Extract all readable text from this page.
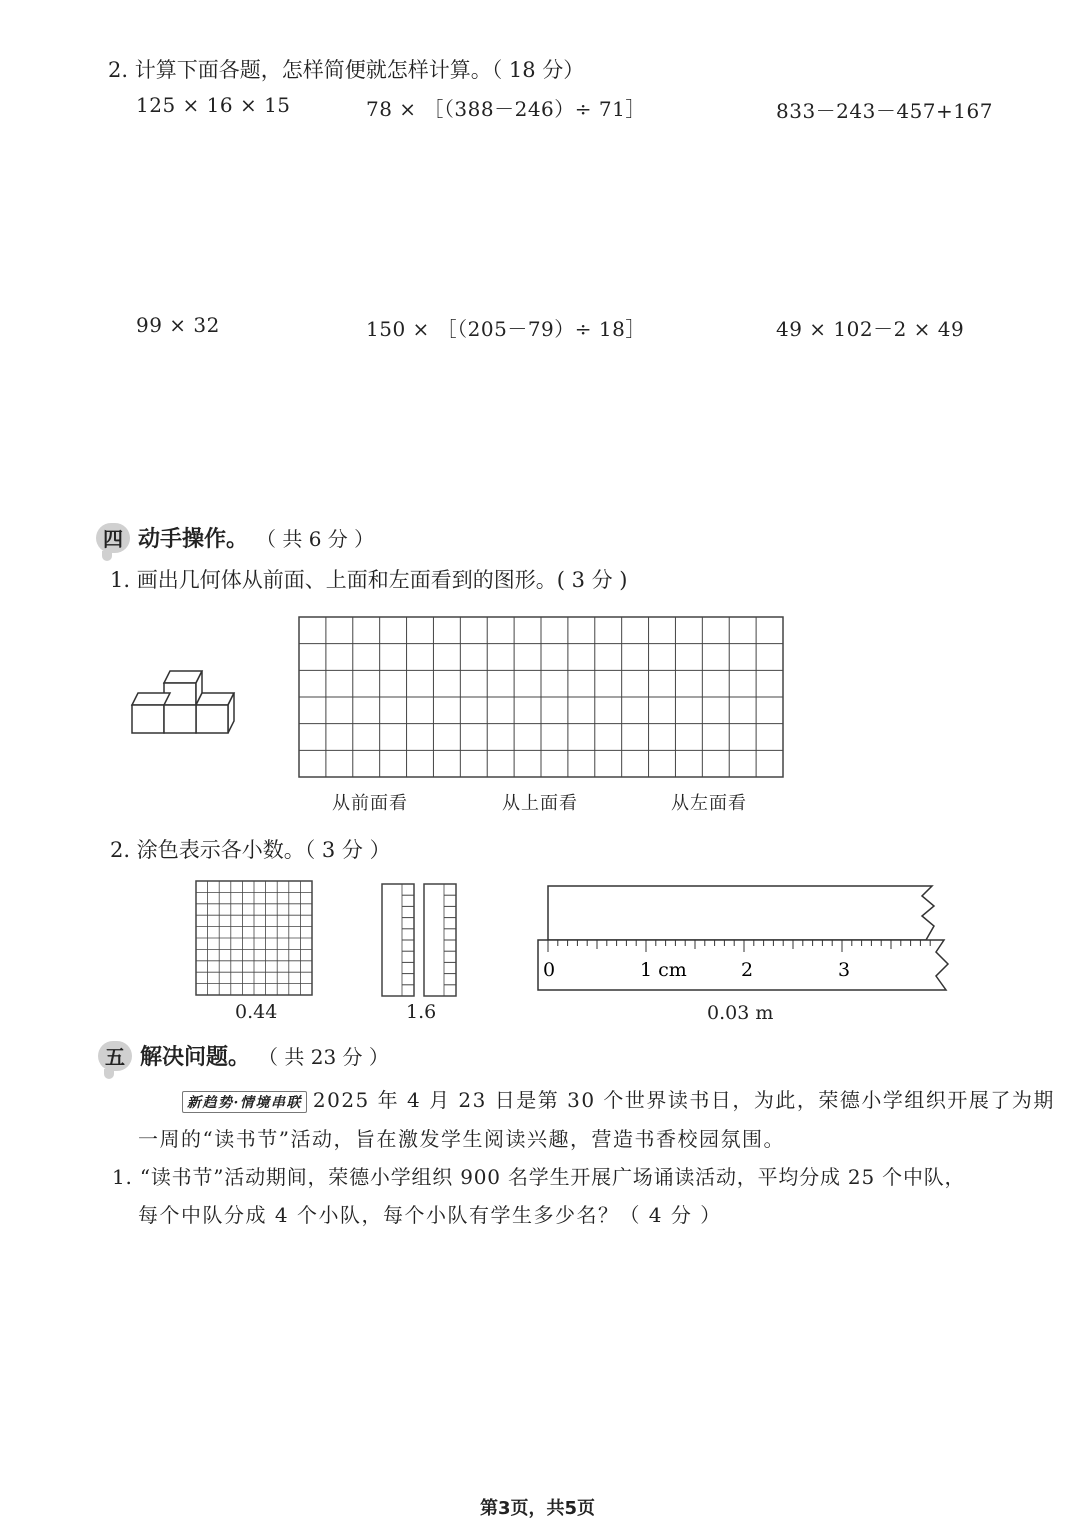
2. 计算下面各题，怎样简便就怎样计算。（ 18 分）
125 × 16 × 15	78 × ［（388－246）÷ 71］	833－243－457+167
99 × 32	150 × ［（205－79）÷ 18］	49 × 102－2 × 49
四 动手操作。 （ 共 6 分 ）
1. 画出几何体从前面、上面和左面看到的图形。( 3 分 )
从前面看	从上面看	从左面看
2. 涂色表示各小数。（ 3 分 ）
0.44	1.6
0	1 cm	2	3
0.03 m
五 解决问题。 （ 共 23 分 ）
新趋势·情境串联 2025 年 4 月 23 日是第 30 个世界读书日，为此，荣德小学组织开展了为期
一周的“读书节”活动，旨在激发学生阅读兴趣，营造书香校园氛围。
1. “读书节”活动期间，荣德小学组织 900 名学生开展广场诵读活动，平均分成 25 个中队，
每个中队分成 4 个小队，每个小队有学生多少名？（ 4 分 ）
第3页，共5页
